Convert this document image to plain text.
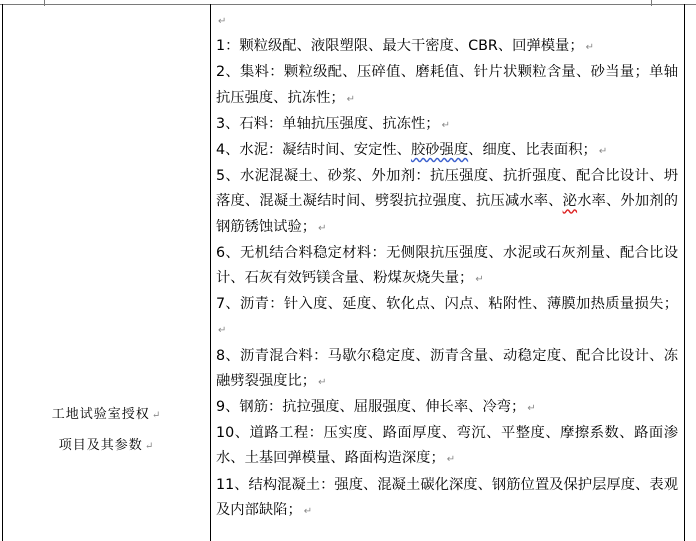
工地试验室授权 ↵
项目及其参数 ↵

↵

1：颗粒级配、液限塑限、最大干密度、CBR、回弹模量； ↵

2、集料：颗粒级配、压碎值、磨耗值、针片状颗粒含量、砂当量；单轴抗压强度、抗冻性； ↵

3、石料：单轴抗压强度、抗冻性； ↵

4、水泥：凝结时间、安定性、胶砂强度、细度、比表面积； ↵

5、水泥混凝土、砂浆、外加剂：抗压强度、抗折强度、配合比设计、坍落度、混凝土凝结时间、劈裂抗拉强度、抗压减水率、泌水率、外加剂的钢筋锈蚀试验； ↵

6、无机结合料稳定材料：无侧限抗压强度、水泥或石灰剂量、配合比设计、石灰有效钙镁含量、粉煤灰烧失量； ↵

7、沥青：针入度、延度、软化点、闪点、粘附性、薄膜加热质量损失；↵

8、沥青混合料：马歇尔稳定度、沥青含量、动稳定度、配合比设计、冻融劈裂强度比； ↵

9、钢筋：抗拉强度、屈服强度、伸长率、冷弯； ↵

10、道路工程：压实度、路面厚度、弯沉、平整度、摩擦系数、路面渗水、土基回弹模量、路面构造深度； ↵

11、结构混凝土：强度、混凝土碳化深度、钢筋位置及保护层厚度、表观及内部缺陷； ↵
